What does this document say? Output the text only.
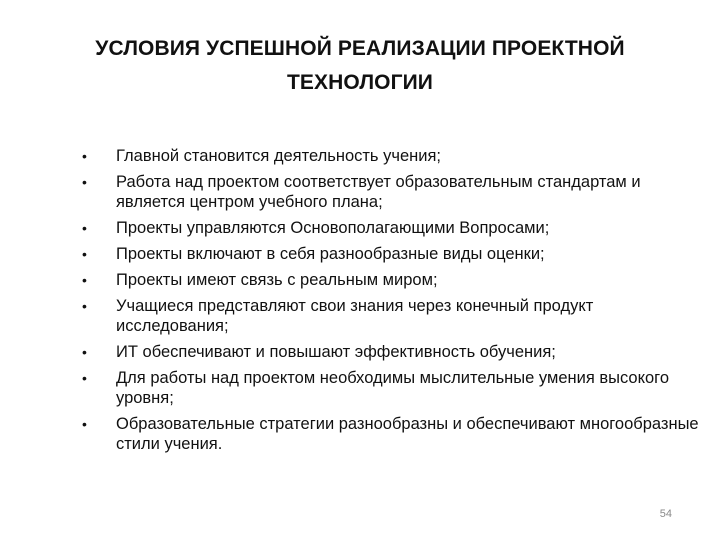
УСЛОВИЯ УСПЕШНОЙ РЕАЛИЗАЦИИ ПРОЕКТНОЙ ТЕХНОЛОГИИ
•	Главной становится деятельность учения;
•	Работа над проектом соответствует образовательным стандартам и является центром учебного плана;
•	Проекты управляются Основополагающими Вопросами;
•	Проекты включают в себя разнообразные виды оценки;
•	Проекты имеют связь с реальным миром;
•	Учащиеся представляют свои знания через конечный продукт исследования;
•	ИТ обеспечивают и повышают эффективность обучения;
•	Для работы над проектом необходимы мыслительные умения высокого уровня;
•	Образовательные стратегии разнообразны и обеспечивают многообразные стили учения.
54
